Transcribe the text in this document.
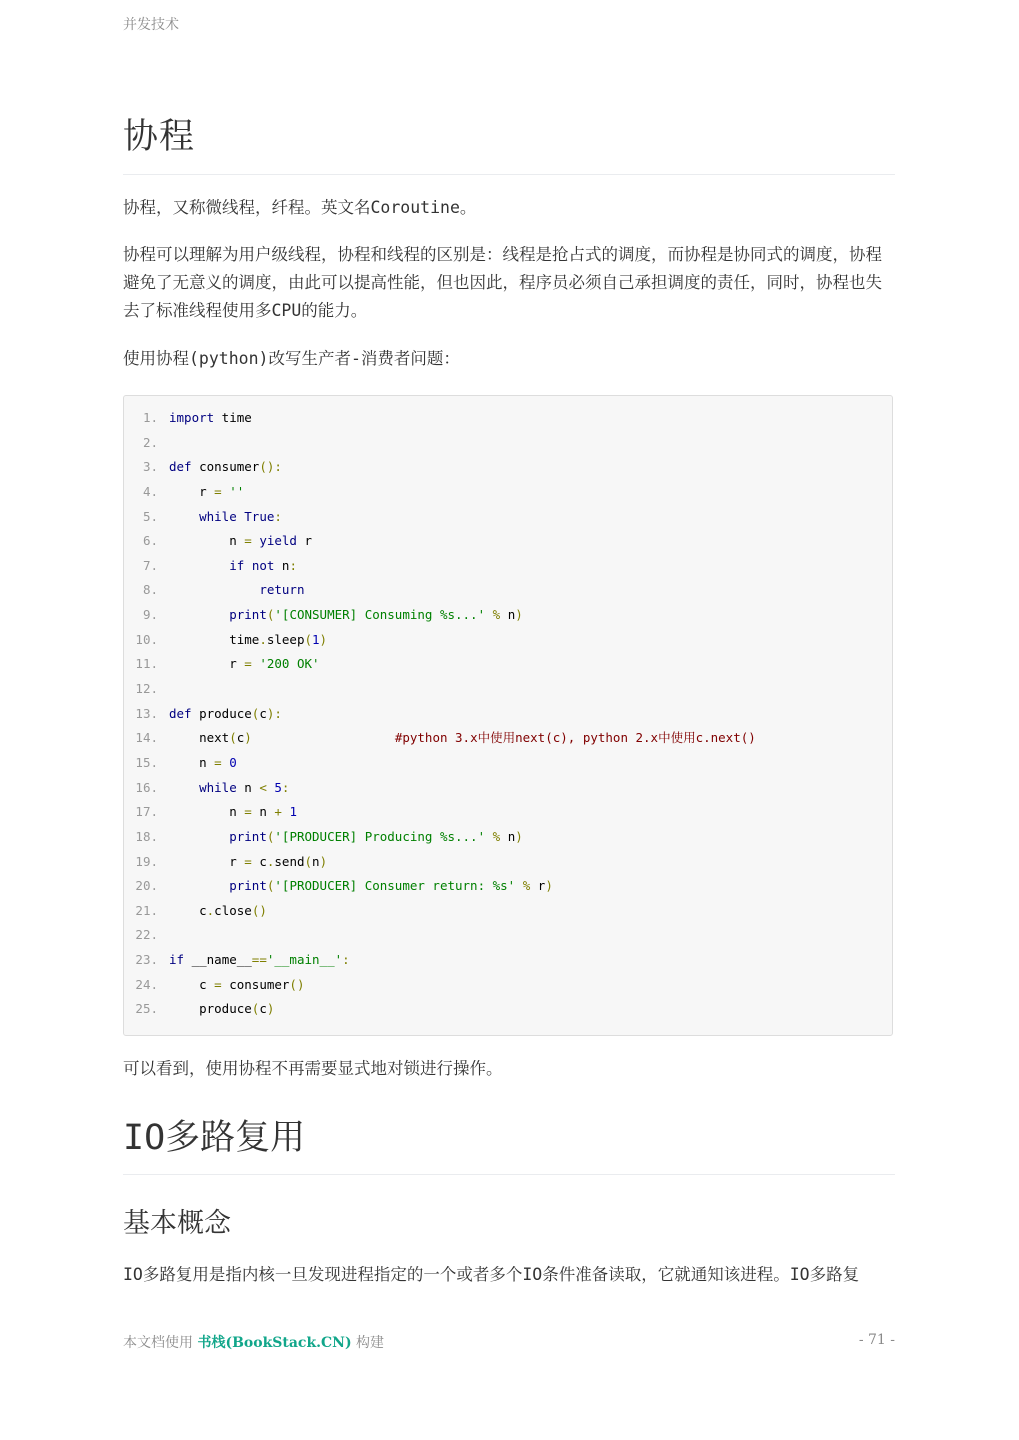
并发技术
协程

协程，又称微线程，纤程。英文名Coroutine。

协程可以理解为用户级线程，协程和线程的区别是：线程是抢占式的调度，而协程是协同式的调度，协程避免了无意义的调度，由此可以提高性能，但也因此，程序员必须自己承担调度的责任，同时，协程也失去了标准线程使用多CPU的能力。

使用协程(python)改写生产者-消费者问题：

1. import time
2.
3. def consumer():
4.    r = ''
5.	while True:
6.        n = yield r
7.	if not n:
8.	return
9.	print('[CONSUMER] Consuming %s...' % n)
10.        time.sleep(1)
11.        r = '200 OK'
12.
13. def produce(c):
14.    next(c)	#python 3.x中使用next(c), python 2.x中使用c.next()
15.    n = 0
16.	while n < 5:
17.        n = n + 1
18.	print('[PRODUCER] Producing %s...' % n)
19.        r = c.send(n)
20.	print('[PRODUCER] Consumer return: %s' % r)
21.    c.close()
22.
23. if __name__=='__main__':
24.    c = consumer()
25.    produce(c)

可以看到，使用协程不再需要显式地对锁进行操作。

IO多路复用
基本概念

IO多路复用是指内核一旦发现进程指定的一个或者多个IO条件准备读取，它就通知该进程。IO多路复

本文档使用 书栈(BookStack.CN) 构建	- 71 -
